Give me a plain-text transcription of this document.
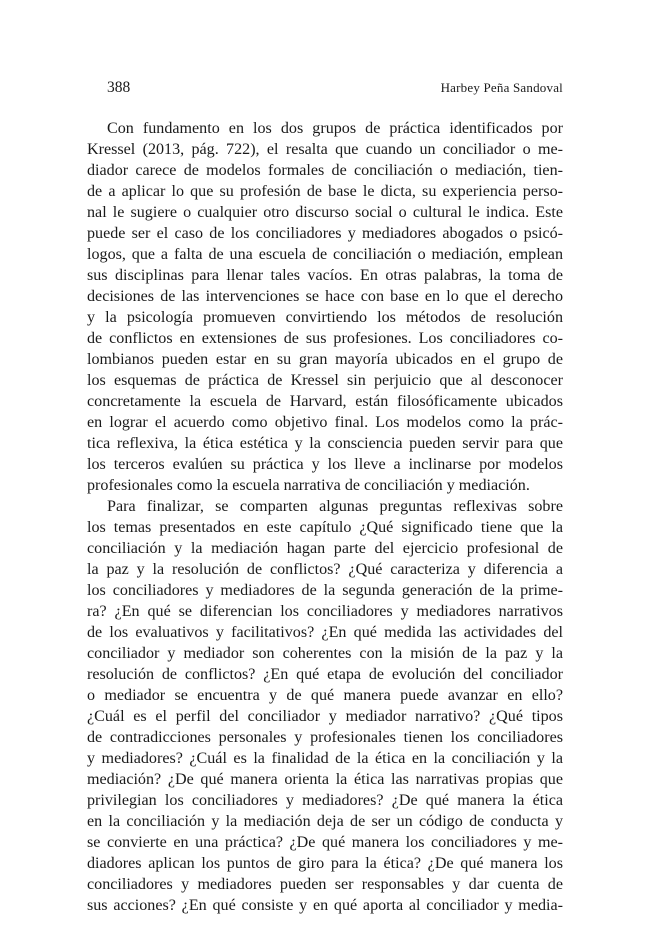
388	Harbey Peña Sandoval
Con fundamento en los dos grupos de práctica identificados por
Kressel (2013, pág. 722), el resalta que cuando un conciliador o me-
diador carece de modelos formales de conciliación o mediación, tien-
de a aplicar lo que su profesión de base le dicta, su experiencia perso-
nal le sugiere o cualquier otro discurso social o cultural le indica. Este
puede ser el caso de los conciliadores y mediadores abogados o psicó-
logos, que a falta de una escuela de conciliación o mediación, emplean
sus disciplinas para llenar tales vacíos. En otras palabras, la toma de
decisiones de las intervenciones se hace con base en lo que el derecho
y la psicología promueven convirtiendo los métodos de resolución
de conflictos en extensiones de sus profesiones. Los conciliadores co-
lombianos pueden estar en su gran mayoría ubicados en el grupo de
los esquemas de práctica de Kressel sin perjuicio que al desconocer
concretamente la escuela de Harvard, están filosóficamente ubicados
en lograr el acuerdo como objetivo final. Los modelos como la prác-
tica reflexiva, la ética estética y la consciencia pueden servir para que
los terceros evalúen su práctica y los lleve a inclinarse por modelos
profesionales como la escuela narrativa de conciliación y mediación.
Para finalizar, se comparten algunas preguntas reflexivas sobre
los temas presentados en este capítulo ¿Qué significado tiene que la
conciliación y la mediación hagan parte del ejercicio profesional de
la paz y la resolución de conflictos? ¿Qué caracteriza y diferencia a
los conciliadores y mediadores de la segunda generación de la prime-
ra? ¿En qué se diferencian los conciliadores y mediadores narrativos
de los evaluativos y facilitativos? ¿En qué medida las actividades del
conciliador y mediador son coherentes con la misión de la paz y la
resolución de conflictos? ¿En qué etapa de evolución del conciliador
o mediador se encuentra y de qué manera puede avanzar en ello?
¿Cuál es el perfil del conciliador y mediador narrativo? ¿Qué tipos
de contradicciones personales y profesionales tienen los conciliadores
y mediadores? ¿Cuál es la finalidad de la ética en la conciliación y la
mediación? ¿De qué manera orienta la ética las narrativas propias que
privilegian los conciliadores y mediadores? ¿De qué manera la ética
en la conciliación y la mediación deja de ser un código de conducta y
se convierte en una práctica? ¿De qué manera los conciliadores y me-
diadores aplican los puntos de giro para la ética? ¿De qué manera los
conciliadores y mediadores pueden ser responsables y dar cuenta de
sus acciones? ¿En qué consiste y en qué aporta al conciliador y media-
